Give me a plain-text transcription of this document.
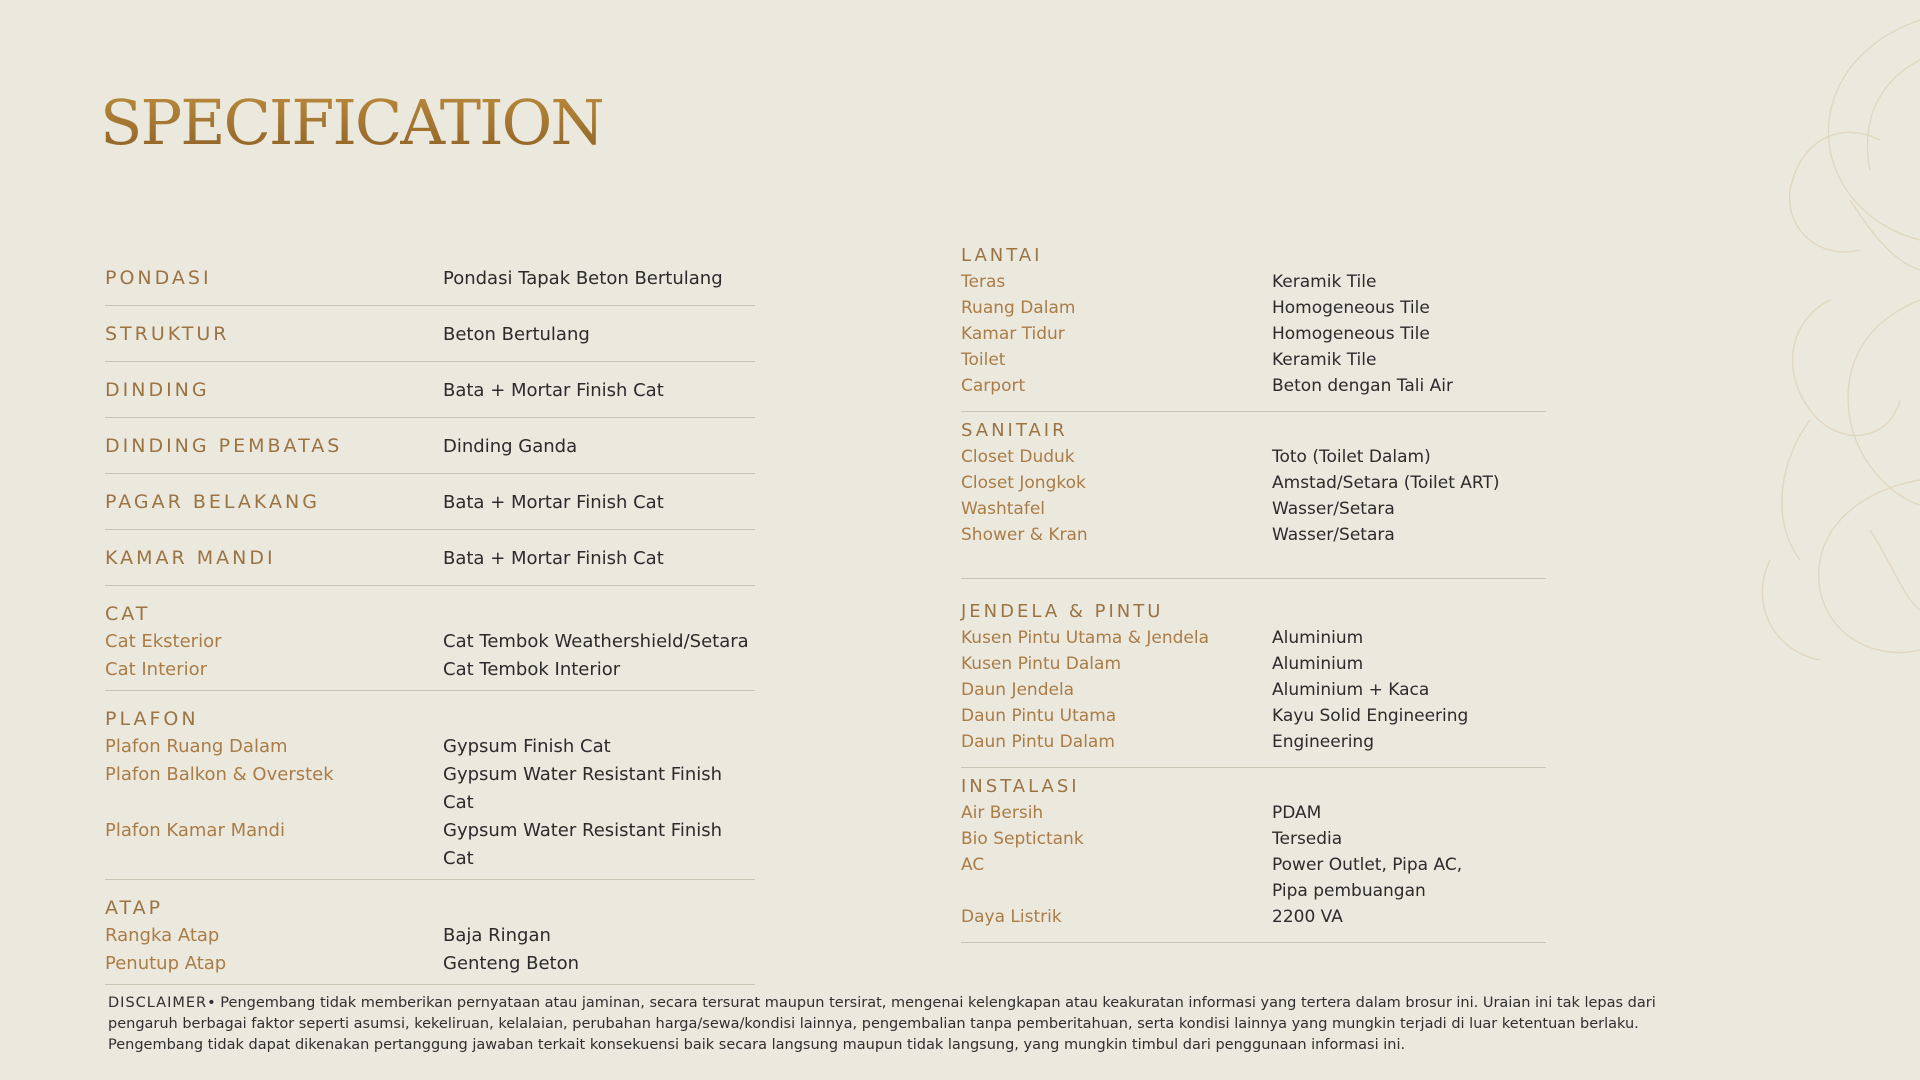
SPECIFICATION
PONDASI	Pondasi Tapak Beton Bertulang
STRUKTUR	Beton Bertulang
DINDING	Bata + Mortar Finish Cat
DINDING PEMBATAS	Dinding Ganda
PAGAR BELAKANG	Bata + Mortar Finish Cat
KAMAR MANDI	Bata + Mortar Finish Cat
CAT
Cat Eksterior	Cat Tembok Weathershield/Setara
Cat Interior	Cat Tembok Interior
PLAFON
Plafon Ruang Dalam	Gypsum Finish Cat
Plafon Balkon & Overstek	Gypsum Water Resistant Finish Cat
Plafon Kamar Mandi	Gypsum Water Resistant Finish Cat
ATAP
Rangka Atap	Baja Ringan
Penutup Atap	Genteng Beton
LANTAI
Teras	Keramik Tile
Ruang Dalam	Homogeneous Tile
Kamar Tidur	Homogeneous Tile
Toilet	Keramik Tile
Carport	Beton dengan Tali Air
SANITAIR
Closet Duduk	Toto (Toilet Dalam)
Closet Jongkok	Amstad/Setara (Toilet ART)
Washtafel	Wasser/Setara
Shower & Kran	Wasser/Setara
JENDELA & PINTU
Kusen Pintu Utama & Jendela	Aluminium
Kusen Pintu Dalam	Aluminium
Daun Jendela	Aluminium + Kaca
Daun Pintu Utama	Kayu Solid Engineering
Daun Pintu Dalam	Engineering
INSTALASI
Air Bersih	PDAM
Bio Septictank	Tersedia
AC	Power Outlet, Pipa AC,
Pipa pembuangan
Daya Listrik	2200 VA

DISCLAIMER• Pengembang tidak memberikan pernyataan atau jaminan, secara tersurat maupun tersirat, mengenai kelengkapan atau keakuratan informasi yang tertera dalam brosur ini. Uraian ini tak lepas dari pengaruh berbagai faktor seperti asumsi, kekeliruan, kelalaian, perubahan harga/sewa/kondisi lainnya, pengembalian tanpa pemberitahuan, serta kondisi lainnya yang mungkin terjadi di luar ketentuan berlaku. Pengembang tidak dapat dikenakan pertanggung jawaban terkait konsekuensi baik secara langsung maupun tidak langsung, yang mungkin timbul dari penggunaan informasi ini.
